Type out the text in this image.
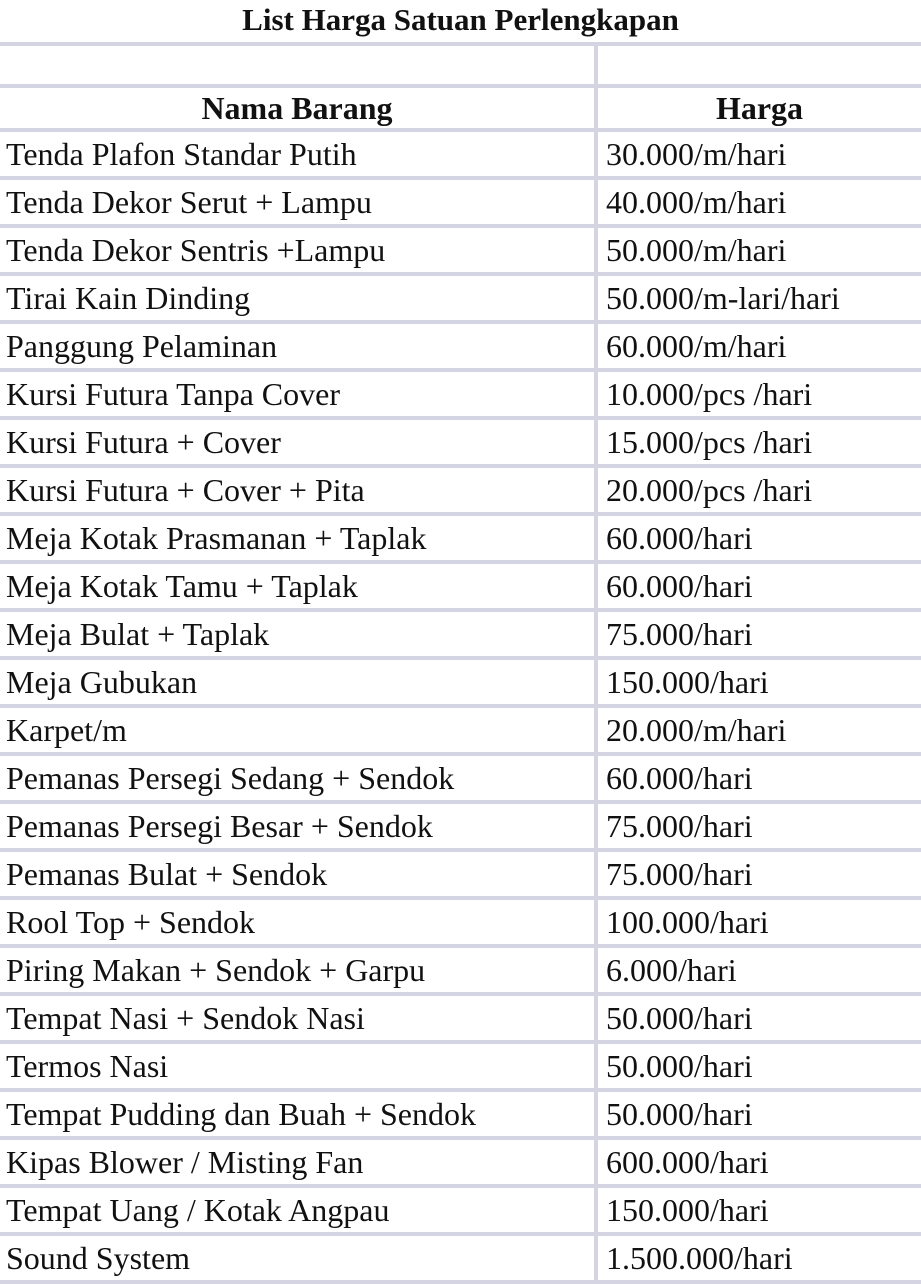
List Harga Satuan Perlengkapan
Nama Barang	Harga
Tenda Plafon Standar Putih	30.000/m/hari
Tenda Dekor Serut + Lampu	40.000/m/hari
Tenda Dekor Sentris +Lampu	50.000/m/hari
Tirai Kain Dinding	50.000/m-lari/hari
Panggung Pelaminan	60.000/m/hari
Kursi Futura Tanpa Cover	10.000/pcs /hari
Kursi Futura + Cover	15.000/pcs /hari
Kursi Futura + Cover + Pita	20.000/pcs /hari
Meja Kotak Prasmanan + Taplak	60.000/hari
Meja Kotak Tamu + Taplak	60.000/hari
Meja Bulat + Taplak	75.000/hari
Meja Gubukan	150.000/hari
Karpet/m	20.000/m/hari
Pemanas Persegi Sedang + Sendok	60.000/hari
Pemanas Persegi Besar + Sendok	75.000/hari
Pemanas Bulat + Sendok	75.000/hari
Rool Top + Sendok	100.000/hari
Piring Makan + Sendok + Garpu	6.000/hari
Tempat Nasi + Sendok Nasi	50.000/hari
Termos Nasi	50.000/hari
Tempat Pudding dan Buah + Sendok	50.000/hari
Kipas Blower / Misting Fan	600.000/hari
Tempat Uang / Kotak Angpau	150.000/hari
Sound System	1.500.000/hari
